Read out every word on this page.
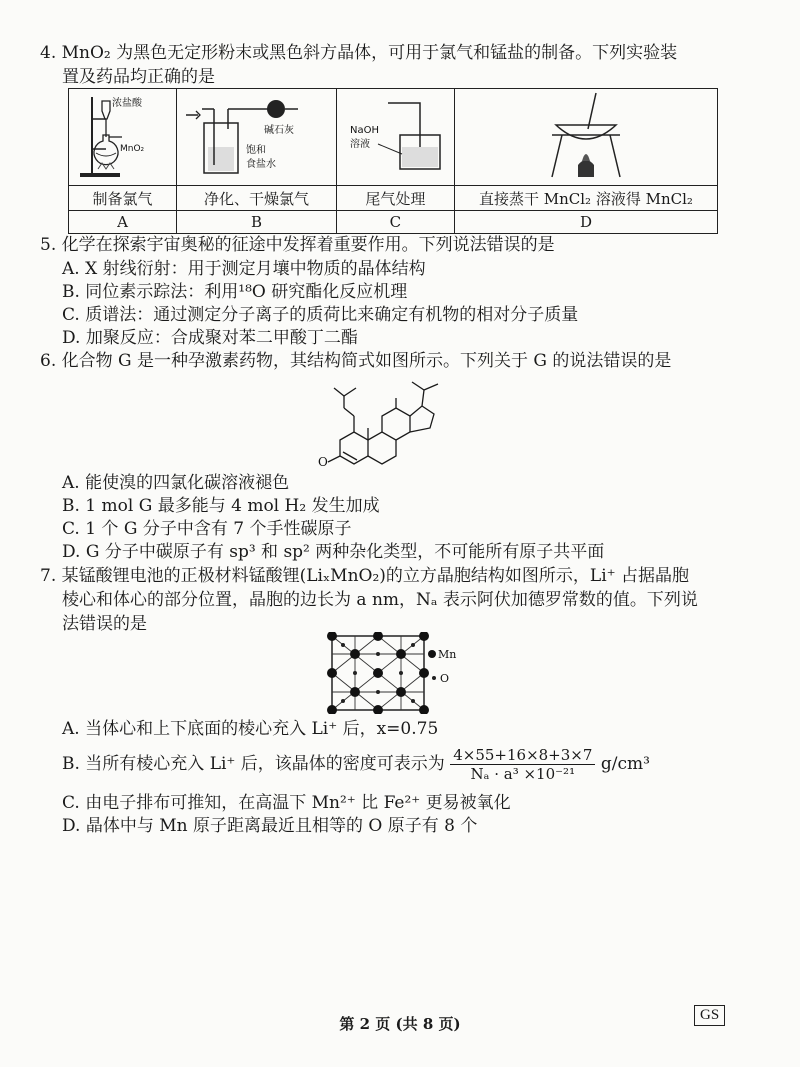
4. MnO₂ 为黑色无定形粉末或黑色斜方晶体，可用于氯气和锰盐的制备。下列实验装
置及药品均正确的是
浓盐酸
MnO₂	碱石灰
饱和
食盐水	NaOH
溶液

制备氯气	净化、干燥氯气	尾气处理	直接蒸干 MnCl₂ 溶液得 MnCl₂
A	B	C	D
5. 化学在探索宇宙奥秘的征途中发挥着重要作用。下列说法错误的是
A. X 射线衍射：用于测定月壤中物质的晶体结构
B. 同位素示踪法：利用¹⁸O 研究酯化反应机理
C. 质谱法：通过测定分子离子的质荷比来确定有机物的相对分子质量
D. 加聚反应：合成聚对苯二甲酸丁二酯
6. 化合物 G 是一种孕激素药物，其结构简式如图所示。下列关于 G 的说法错误的是
O
A. 能使溴的四氯化碳溶液褪色
B. 1 mol G 最多能与 4 mol H₂ 发生加成
C. 1 个 G 分子中含有 7 个手性碳原子
D. G 分子中碳原子有 sp³ 和 sp² 两种杂化类型，不可能所有原子共平面
7. 某锰酸锂电池的正极材料锰酸锂(LiₓMnO₂)的立方晶胞结构如图所示，Li⁺ 占据晶胞
棱心和体心的部分位置，晶胞的边长为 a nm，Nₐ 表示阿伏加德罗常数的值。下列说
法错误的是
Mn
O
A. 当体心和上下底面的棱心充入 Li⁺ 后，x=0.75
B. 当所有棱心充入 Li⁺ 后，该晶体的密度可表示为 $\frac{4\times 55+16\times 8+3\times 7}{\text{Nₐ · a³ ×10⁻²¹}} g/cm^3$
C. 由电子排布可推知，在高温下 Mn²⁺ 比 Fe²⁺ 更易被氧化
D. 晶体中与 Mn 原子距离最近且相等的 O 原子有 8 个
第 2 页 (共 8 页)	GS
